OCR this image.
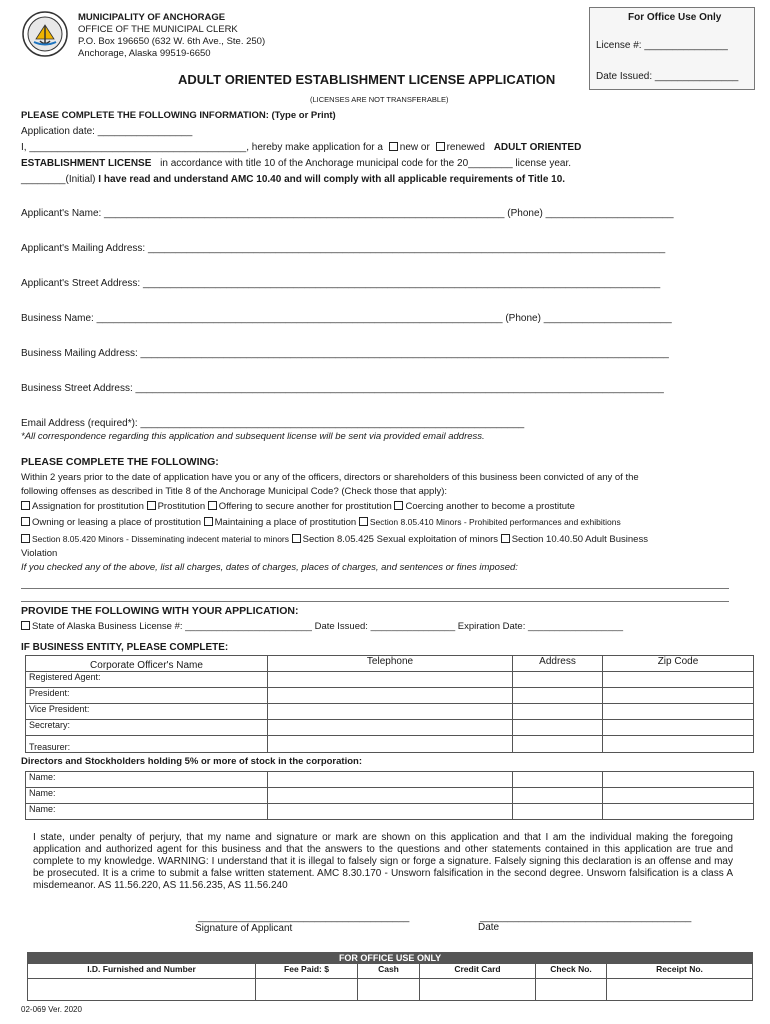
MUNICIPALITY OF ANCHORAGE
OFFICE OF THE MUNICIPAL CLERK
P.O. Box 196650 (632 W. 6th Ave., Ste. 250)
Anchorage, Alaska 99519-6650
For Office Use Only
License #: _______________
Date Issued: _______________
ADULT ORIENTED ESTABLISHMENT LICENSE APPLICATION
(LICENSES ARE NOT TRANSFERABLE)
PLEASE COMPLETE THE FOLLOWING INFORMATION: (Type or Print)
Application date: _________________
I, _______________________________________, hereby make application for a new or renewed ADULT ORIENTED
ESTABLISHMENT LICENSE in accordance with title 10 of the Anchorage municipal code for the 20________ license year.
________(Initial) I have read and understand AMC 10.40 and will comply with all applicable requirements of Title 10.
Applicant's Name: ________________________________________________________________________ (Phone) _______________________
Applicant's Mailing Address: _____________________________________________________________________________________________
Applicant's Street Address: _____________________________________________________________________________________________
Business Name: _________________________________________________________________________ (Phone) _______________________
Business Mailing Address: _______________________________________________________________________________________________
Business Street Address: _______________________________________________________________________________________________
Email Address (required*): _____________________________________________________________________
*All correspondence regarding this application and subsequent license will be sent via provided email address.
PLEASE COMPLETE THE FOLLOWING:
Within 2 years prior to the date of application have you or any of the officers, directors or shareholders of this business been convicted of any of the
following offenses as described in Title 8 of the Anchorage Municipal Code? (Check those that apply):
Assignation for prostitution Prostitution Offering to secure another for prostitution Coercing another to become a prostitute
Owning or leasing a place of prostitution Maintaining a place of prostitution Section 8.05.410 Minors - Prohibited performances and exhibitions
Section 8.05.420 Minors - Disseminating indecent material to minors Section 8.05.425 Sexual exploitation of minors Section 10.40.50 Adult Business
Violation
If you checked any of the above, list all charges, dates of charges, places of charges, and sentences or fines imposed:
PROVIDE THE FOLLOWING WITH YOUR APPLICATION:
State of Alaska Business License #: ________________________ Date Issued: ________________ Expiration Date: __________________
IF BUSINESS ENTITY, PLEASE COMPLETE:
Corporate Officer's Name	Telephone	Address	Zip Code
Registered Agent:			
President:			
Vice President:			
Secretary:			
Treasurer:			
Directors and Stockholders holding 5% or more of stock in the corporation:
Name:			
Name:			
Name:			
I state, under penalty of perjury, that my name and signature or mark are shown on this application and that I am the individual making the foregoing application and authorized agent for this business and that the answers to the questions and other statements contained in this application are true and complete to my knowledge. WARNING: I understand that it is illegal to falsely sign or forge a signature. Falsely signing this declaration is an offense and may be prosecuted. It is a crime to submit a false written statement. AMC 8.30.170 - Unsworn falsification in the second degree. Unsworn falsification is a class A misdemeanor. AS 11.56.220, AS 11.56.235, AS 11.56.240
______________________________________
Signature of Applicant
______________________________________
Date
FOR OFFICE USE ONLY					
I.D. Furnished and Number	Fee Paid: $	Cash	Credit Card	Check No.	Receipt No.

02-069 Ver. 2020
